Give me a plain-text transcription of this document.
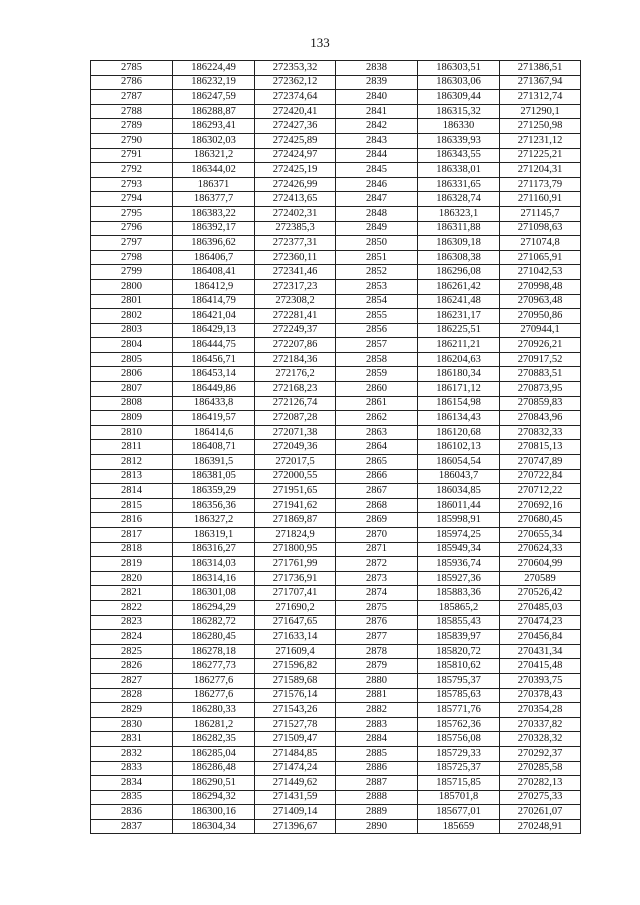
133
2785	186224,49	272353,32	2838	186303,51	271386,51
2786	186232,19	272362,12	2839	186303,06	271367,94
2787	186247,59	272374,64	2840	186309,44	271312,74
2788	186288,87	272420,41	2841	186315,32	271290,1
2789	186293,41	272427,36	2842	186330	271250,98
2790	186302,03	272425,89	2843	186339,93	271231,12
2791	186321,2	272424,97	2844	186343,55	271225,21
2792	186344,02	272425,19	2845	186338,01	271204,31
2793	186371	272426,99	2846	186331,65	271173,79
2794	186377,7	272413,65	2847	186328,74	271160,91
2795	186383,22	272402,31	2848	186323,1	271145,7
2796	186392,17	272385,3	2849	186311,88	271098,63
2797	186396,62	272377,31	2850	186309,18	271074,8
2798	186406,7	272360,11	2851	186308,38	271065,91
2799	186408,41	272341,46	2852	186296,08	271042,53
2800	186412,9	272317,23	2853	186261,42	270998,48
2801	186414,79	272308,2	2854	186241,48	270963,48
2802	186421,04	272281,41	2855	186231,17	270950,86
2803	186429,13	272249,37	2856	186225,51	270944,1
2804	186444,75	272207,86	2857	186211,21	270926,21
2805	186456,71	272184,36	2858	186204,63	270917,52
2806	186453,14	272176,2	2859	186180,34	270883,51
2807	186449,86	272168,23	2860	186171,12	270873,95
2808	186433,8	272126,74	2861	186154,98	270859,83
2809	186419,57	272087,28	2862	186134,43	270843,96
2810	186414,6	272071,38	2863	186120,68	270832,33
2811	186408,71	272049,36	2864	186102,13	270815,13
2812	186391,5	272017,5	2865	186054,54	270747,89
2813	186381,05	272000,55	2866	186043,7	270722,84
2814	186359,29	271951,65	2867	186034,85	270712,22
2815	186356,36	271941,62	2868	186011,44	270692,16
2816	186327,2	271869,87	2869	185998,91	270680,45
2817	186319,1	271824,9	2870	185974,25	270655,34
2818	186316,27	271800,95	2871	185949,34	270624,33
2819	186314,03	271761,99	2872	185936,74	270604,99
2820	186314,16	271736,91	2873	185927,36	270589
2821	186301,08	271707,41	2874	185883,36	270526,42
2822	186294,29	271690,2	2875	185865,2	270485,03
2823	186282,72	271647,65	2876	185855,43	270474,23
2824	186280,45	271633,14	2877	185839,97	270456,84
2825	186278,18	271609,4	2878	185820,72	270431,34
2826	186277,73	271596,82	2879	185810,62	270415,48
2827	186277,6	271589,68	2880	185795,37	270393,75
2828	186277,6	271576,14	2881	185785,63	270378,43
2829	186280,33	271543,26	2882	185771,76	270354,28
2830	186281,2	271527,78	2883	185762,36	270337,82
2831	186282,35	271509,47	2884	185756,08	270328,32
2832	186285,04	271484,85	2885	185729,33	270292,37
2833	186286,48	271474,24	2886	185725,37	270285,58
2834	186290,51	271449,62	2887	185715,85	270282,13
2835	186294,32	271431,59	2888	185701,8	270275,33
2836	186300,16	271409,14	2889	185677,01	270261,07
2837	186304,34	271396,67	2890	185659	270248,91
